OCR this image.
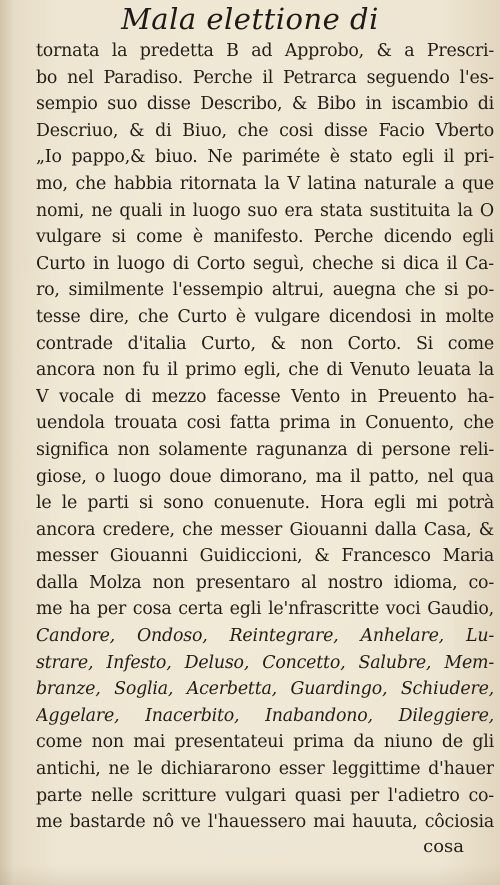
Mala elettione di
tornata la predetta B ad Approbo, & a Prescri-
bo nel Paradiso. Perche il Petrarca seguendo l'es-
sempio suo disse Describo, & Bibo in iscambio di
Descriuo, & di Biuo, che cosi disse Facio Vberto
„Io pappo,& biuo. Ne pariméte è stato egli il pri-
mo, che habbia ritornata la V latina naturale a que
nomi, ne quali in luogo suo era stata sustituita la O
vulgare si come è manifesto. Perche dicendo egli
Curto in luogo di Corto seguì, cheche si dica il Ca-
ro, similmente l'essempio altrui, auegna che si po-
tesse dire, che Curto è vulgare dicendosi in molte
contrade d'italia Curto, & non Corto. Si come
ancora non fu il primo egli, che di Venuto leuata la
V vocale di mezzo facesse Vento in Preuento ha-
uendola trouata cosi fatta prima in Conuento, che
significa non solamente ragunanza di persone reli-
giose, o luogo doue dimorano, ma il patto, nel qua
le le parti si sono conuenute. Hora egli mi potrà
ancora credere, che messer Giouanni dalla Casa, &
messer Giouanni Guidiccioni, & Francesco Maria
dalla Molza non presentaro al nostro idioma, co-
me ha per cosa certa egli le'nfrascritte voci Gaudio,
Candore, Ondoso, Reintegrare, Anhelare, Lu-
strare, Infesto, Deluso, Concetto, Salubre, Mem-
branze, Soglia, Acerbetta, Guardingo, Schiudere,
Aggelare, Inacerbito, Inabandono, Dileggiere,
come non mai presentateui prima da niuno de gli
antichi, ne le dichiararono esser leggittime d'hauer
parte nelle scritture vulgari quasi per l'adietro co-
me bastarde nô ve l'hauessero mai hauuta, côciosia
cosa
